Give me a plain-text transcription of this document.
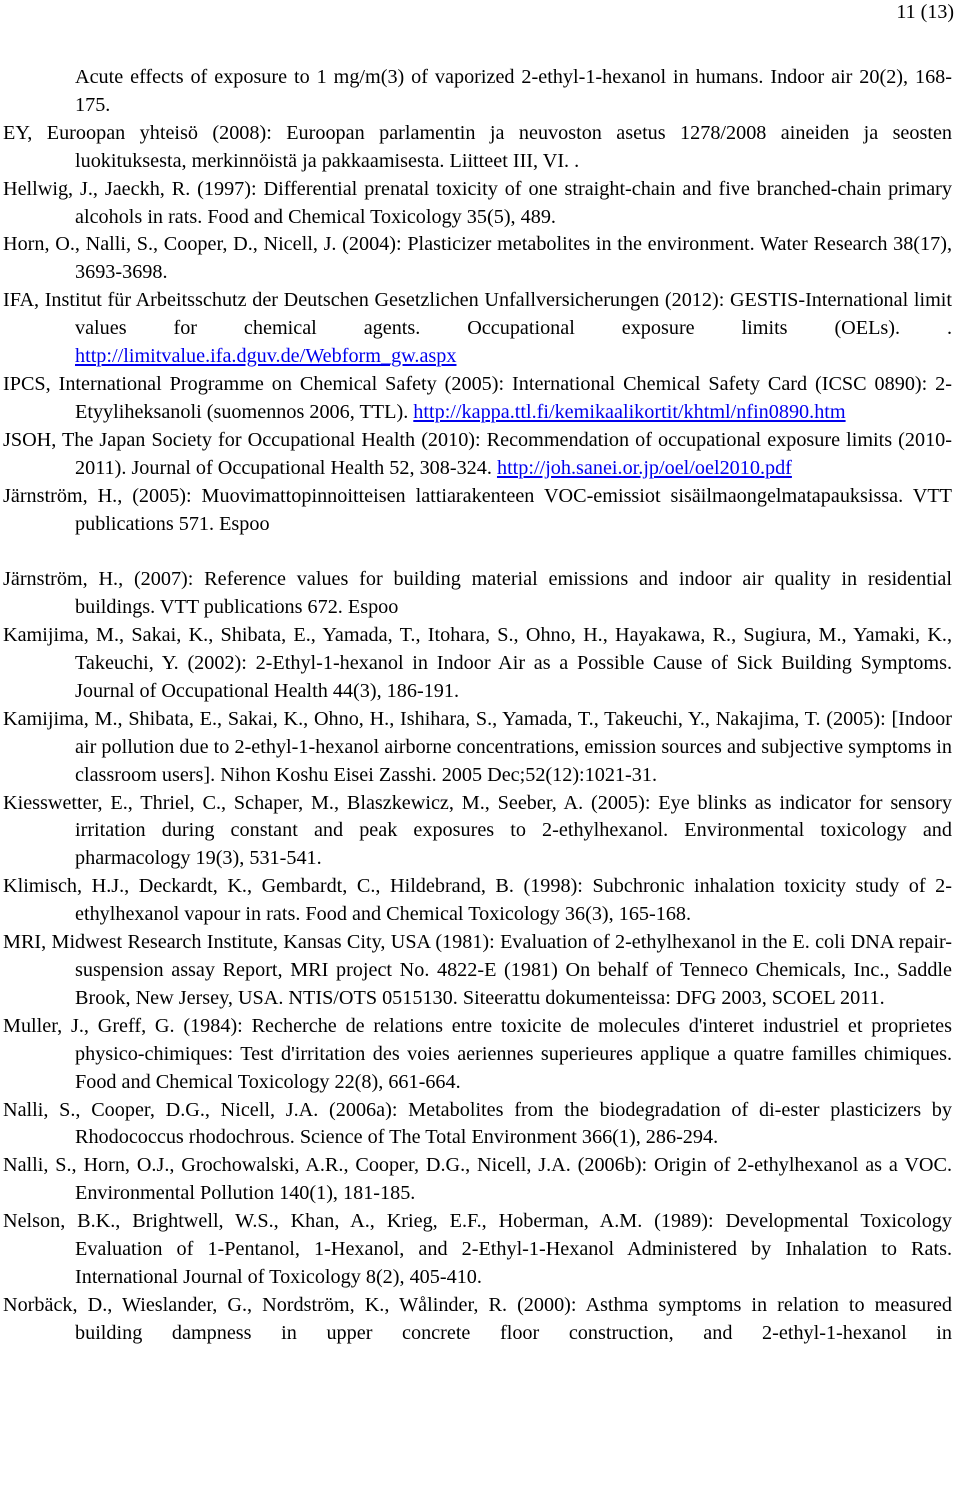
11 (13)

Acute effects of exposure to 1 mg/m(3) of vaporized 2-ethyl-1-hexanol in humans. Indoor air 20(2), 168-175.

EY, Euroopan yhteisö (2008): Euroopan parlamentin ja neuvoston asetus 1278/2008 aineiden ja seosten luokituksesta, merkinnöistä ja pakkaamisesta. Liitteet III, VI. .

Hellwig, J., Jaeckh, R. (1997): Differential prenatal toxicity of one straight-chain and five branched-chain primary alcohols in rats. Food and Chemical Toxicology 35(5), 489.

Horn, O., Nalli, S., Cooper, D., Nicell, J. (2004): Plasticizer metabolites in the environment. Water Research 38(17), 3693-3698.

IFA, Institut für Arbeitsschutz der Deutschen Gesetzlichen Unfallversicherungen (2012): GESTIS-International limit values for chemical agents. Occupational exposure limits (OELs). . http://limitvalue.ifa.dguv.de/Webform_gw.aspx

IPCS, International Programme on Chemical Safety (2005): International Chemical Safety Card (ICSC 0890): 2-Etyyliheksanoli (suomennos 2006, TTL). http://kappa.ttl.fi/kemikaalikortit/khtml/nfin0890.htm

JSOH, The Japan Society for Occupational Health (2010): Recommendation of occupational exposure limits (2010-2011). Journal of Occupational Health 52, 308-324. http://joh.sanei.or.jp/oel/oel2010.pdf

Järnström, H., (2005): Muovimattopinnoitteisen lattiarakenteen VOC-emissiot sisäilmaongelmatapauksissa. VTT publications 571. Espoo

Järnström, H., (2007): Reference values for building material emissions and indoor air quality in residential buildings. VTT publications 672. Espoo

Kamijima, M., Sakai, K., Shibata, E., Yamada, T., Itohara, S., Ohno, H., Hayakawa, R., Sugiura, M., Yamaki, K., Takeuchi, Y. (2002): 2-Ethyl-1-hexanol in Indoor Air as a Possible Cause of Sick Building Symptoms. Journal of Occupational Health 44(3), 186-191.

Kamijima, M., Shibata, E., Sakai, K., Ohno, H., Ishihara, S., Yamada, T., Takeuchi, Y., Nakajima, T. (2005): [Indoor air pollution due to 2-ethyl-1-hexanol airborne concentrations, emission sources and subjective symptoms in classroom users]. Nihon Koshu Eisei Zasshi. 2005 Dec;52(12):1021-31.

Kiesswetter, E., Thriel, C., Schaper, M., Blaszkewicz, M., Seeber, A. (2005): Eye blinks as indicator for sensory irritation during constant and peak exposures to 2-ethylhexanol. Environmental toxicology and pharmacology 19(3), 531-541.

Klimisch, H.J., Deckardt, K., Gembardt, C., Hildebrand, B. (1998): Subchronic inhalation toxicity study of 2-ethylhexanol vapour in rats. Food and Chemical Toxicology 36(3), 165-168.

MRI, Midwest Research Institute, Kansas City, USA (1981): Evaluation of 2-ethylhexanol in the E. coli DNA repair-suspension assay Report, MRI project No. 4822-E (1981) On behalf of Tenneco Chemicals, Inc., Saddle Brook, New Jersey, USA. NTIS/OTS 0515130. Siteerattu dokumenteissa: DFG 2003, SCOEL 2011.

Muller, J., Greff, G. (1984): Recherche de relations entre toxicite de molecules d'interet industriel et proprietes physico-chimiques: Test d'irritation des voies aeriennes superieures applique a quatre familles chimiques. Food and Chemical Toxicology 22(8), 661-664.

Nalli, S., Cooper, D.G., Nicell, J.A. (2006a): Metabolites from the biodegradation of di-ester plasticizers by Rhodococcus rhodochrous. Science of The Total Environment 366(1), 286-294.

Nalli, S., Horn, O.J., Grochowalski, A.R., Cooper, D.G., Nicell, J.A. (2006b): Origin of 2-ethylhexanol as a VOC. Environmental Pollution 140(1), 181-185.

Nelson, B.K., Brightwell, W.S., Khan, A., Krieg, E.F., Hoberman, A.M. (1989): Developmental Toxicology Evaluation of 1-Pentanol, 1-Hexanol, and 2-Ethyl-1-Hexanol Administered by Inhalation to Rats. International Journal of Toxicology 8(2), 405-410.

Norbäck, D., Wieslander, G., Nordström, K., Wålinder, R. (2000): Asthma symptoms in relation to measured building dampness in upper concrete floor construction, and 2-ethyl-1-hexanol in
